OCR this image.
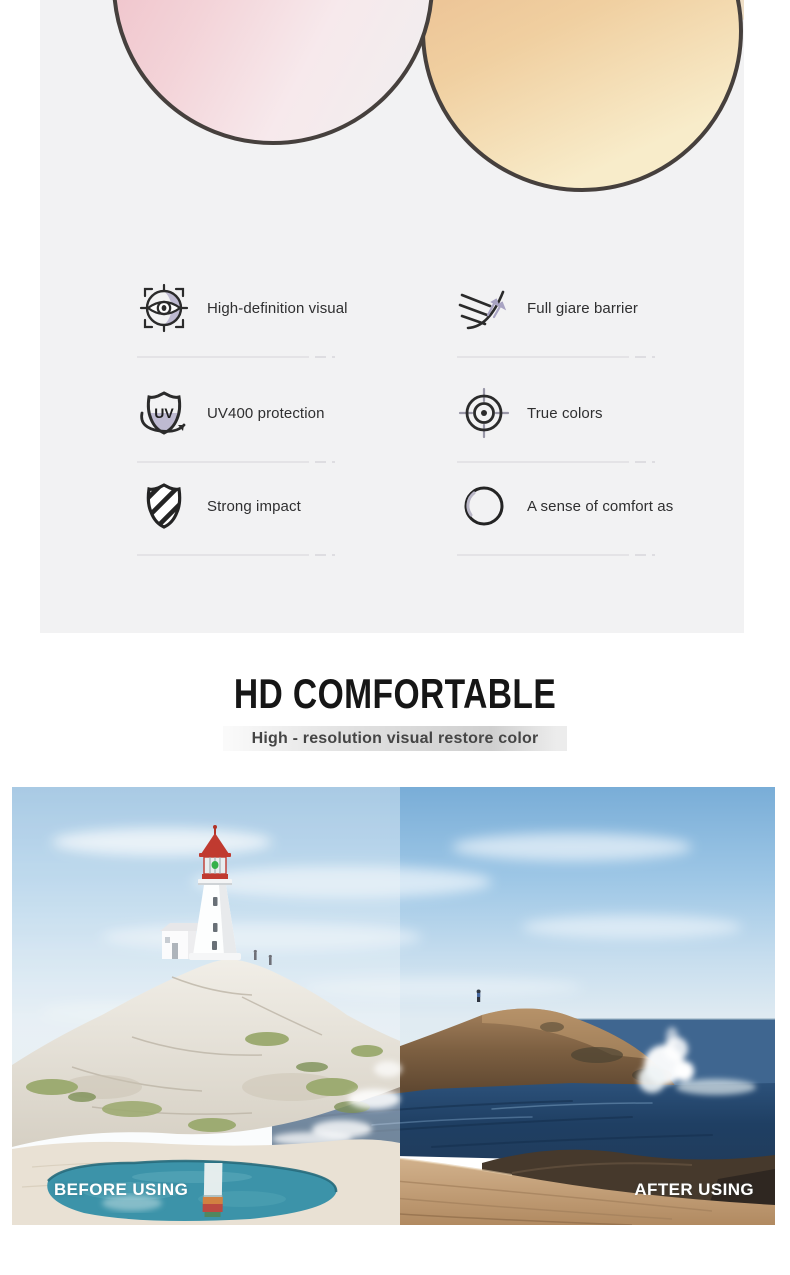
High-definition visual	Full giare barrier
UV UV400 protection	True colors
Strong impact	A sense of comfort as
HD COMFORTABLE
High - resolution visual restore color
BEFORE USING	AFTER USING
